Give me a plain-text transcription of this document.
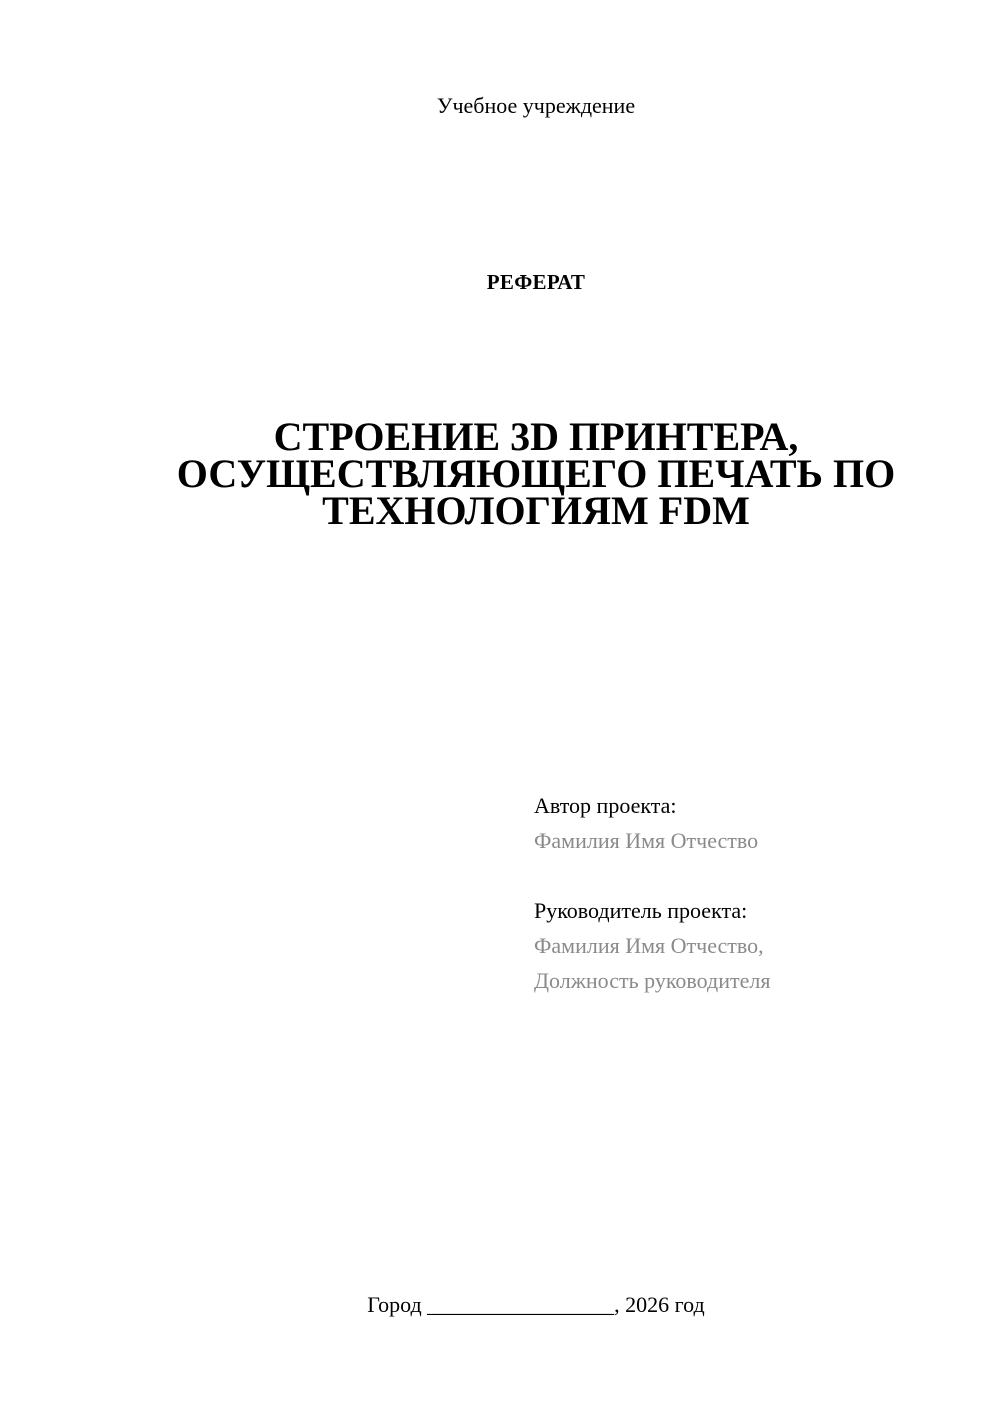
Учебное учреждение
РЕФЕРАТ
СТРОЕНИЕ 3D ПРИНТЕРА,
ОСУЩЕСТВЛЯЮЩЕГО ПЕЧАТЬ ПО
ТЕХНОЛОГИЯМ FDM
Автор проекта:
Фамилия Имя Отчество
Руководитель проекта:
Фамилия Имя Отчество,
Должность руководителя
Город _________________, 2026 год
